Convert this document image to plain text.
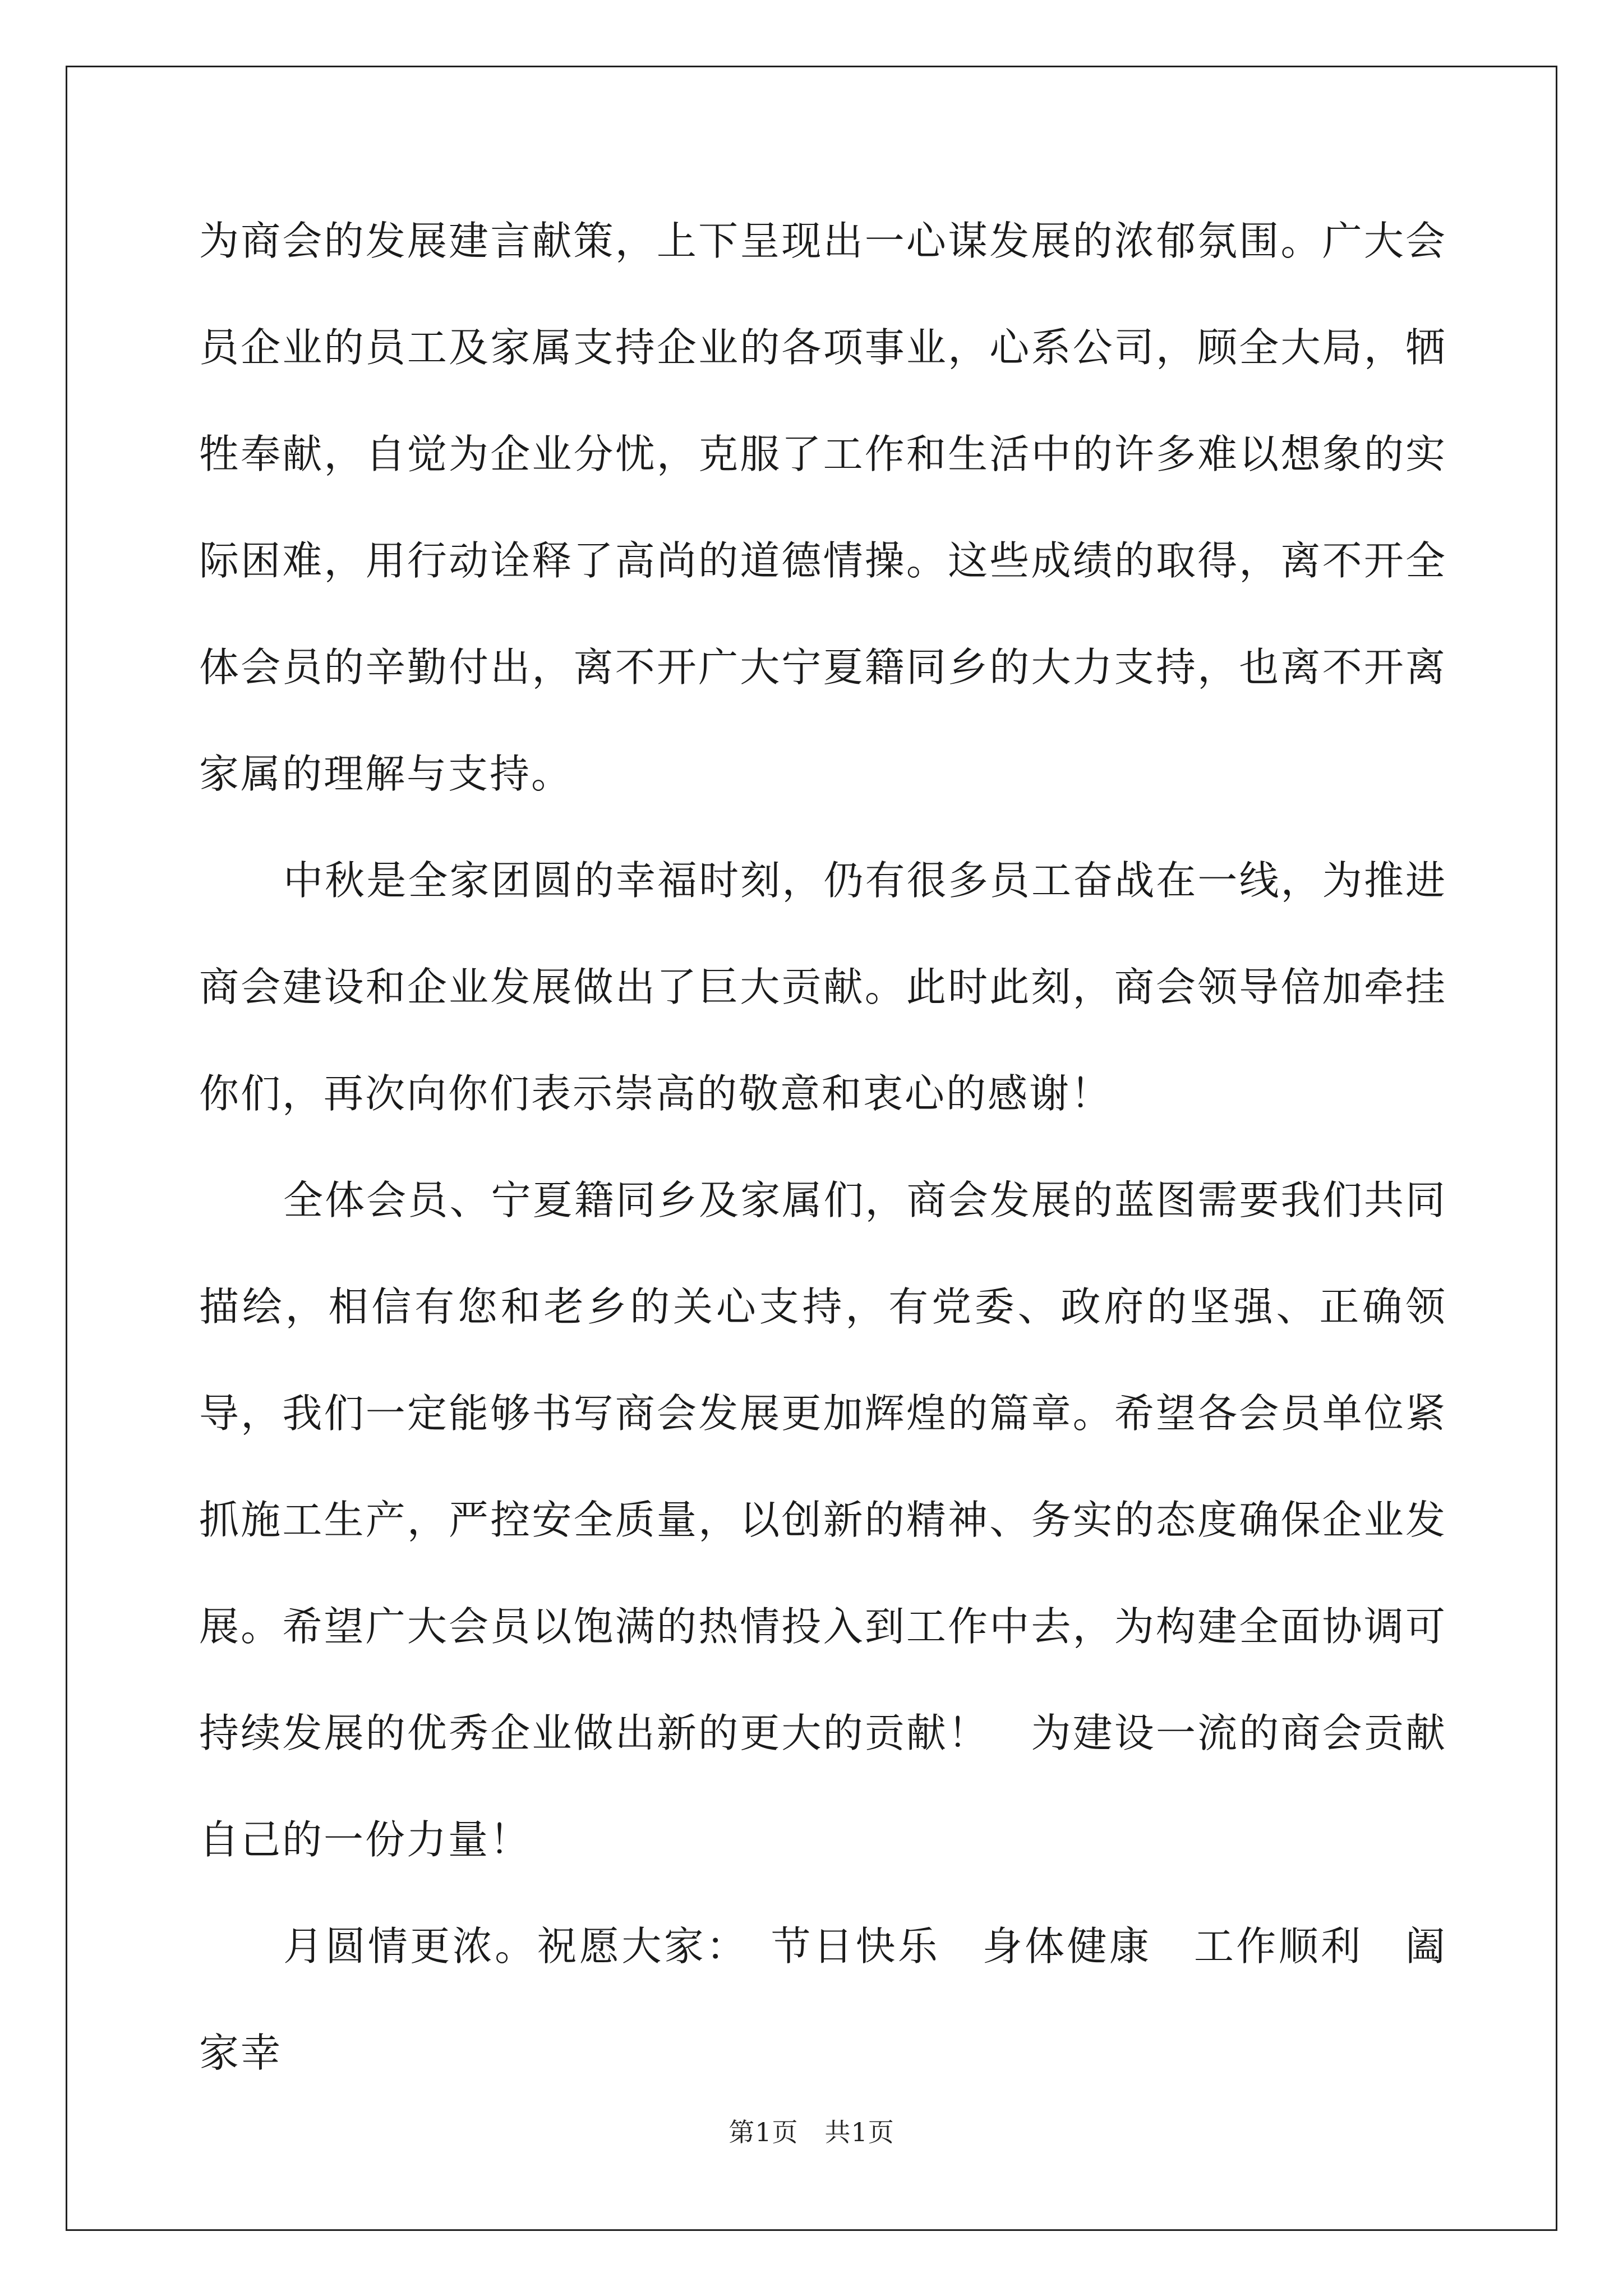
为商会的发展建言献策，上下呈现出一心谋发展的浓郁氛围。广大会员企业的员工及家属支持企业的各项事业，心系公司，顾全大局，牺牲奉献，自觉为企业分忧，克服了工作和生活中的许多难以想象的实际困难，用行动诠释了高尚的道德情操。这些成绩的取得，离不开全体会员的辛勤付出，离不开广大宁夏籍同乡的大力支持，也离不开离家属的理解与支持。

中秋是全家团圆的幸福时刻，仍有很多员工奋战在一线，为推进商会建设和企业发展做出了巨大贡献。此时此刻，商会领导倍加牵挂你们，再次向你们表示崇高的敬意和衷心的感谢！

全体会员、宁夏籍同乡及家属们，商会发展的蓝图需要我们共同描绘，相信有您和老乡的关心支持，有党委、政府的坚强、正确领导，我们一定能够书写商会发展更加辉煌的篇章。希望各会员单位紧抓施工生产，严控安全质量，以创新的精神、务实的态度确保企业发展。希望广大会员以饱满的热情投入到工作中去，为构建全面协调可持续发展的优秀企业做出新的更大的贡献！　为建设一流的商会贡献自己的一份力量！

月圆情更浓。祝愿大家：　节日快乐　身体健康　工作顺利　阖家幸

第1页 共1页
